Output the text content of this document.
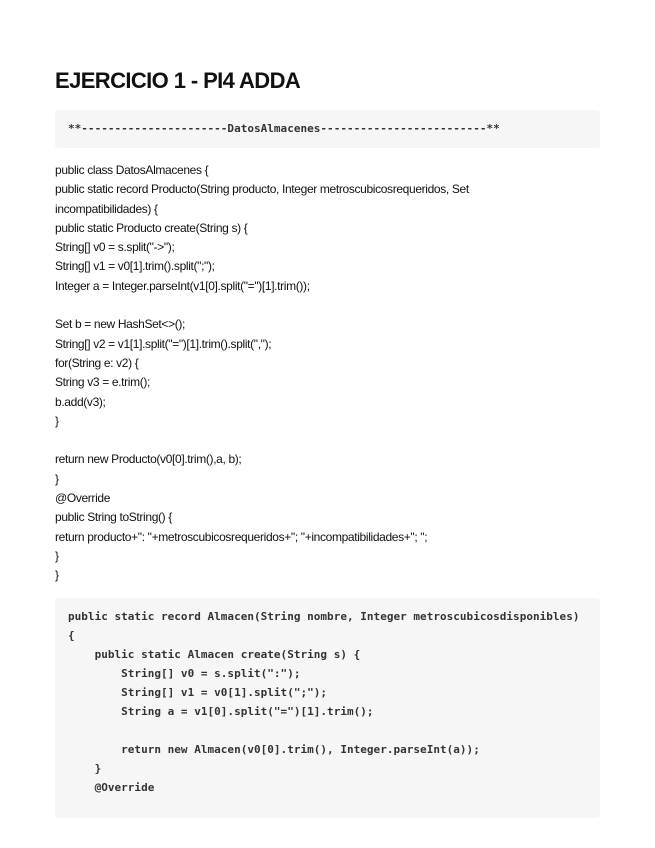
EJERCICIO 1 - PI4 ADDA
**----------------------DatosAlmacenes-------------------------**
public class DatosAlmacenes {
public static record Producto(String producto, Integer metroscubicosrequeridos, Set
incompatibilidades) {
public static Producto create(String s) {
String[] v0 = s.split("->");
String[] v1 = v0[1].trim().split(";");
Integer a = Integer.parseInt(v1[0].split("=")[1].trim());
Set b = new HashSet<>();
String[] v2 = v1[1].split("=")[1].trim().split(",");
for(String e: v2) {
String v3 = e.trim();
b.add(v3);
}
return new Producto(v0[0].trim(),a, b);
}
@Override
public String toString() {
return producto+": "+metroscubicosrequeridos+"; "+incompatibilidades+"; ";
}
}
public static record Almacen(String nombre, Integer metroscubicosdisponibles)
{
public static Almacen create(String s) {
String[] v0 = s.split(":");
String[] v1 = v0[1].split(";");
String a = v1[0].split("=")[1].trim();
return new Almacen(v0[0].trim(), Integer.parseInt(a));
}
@Override
